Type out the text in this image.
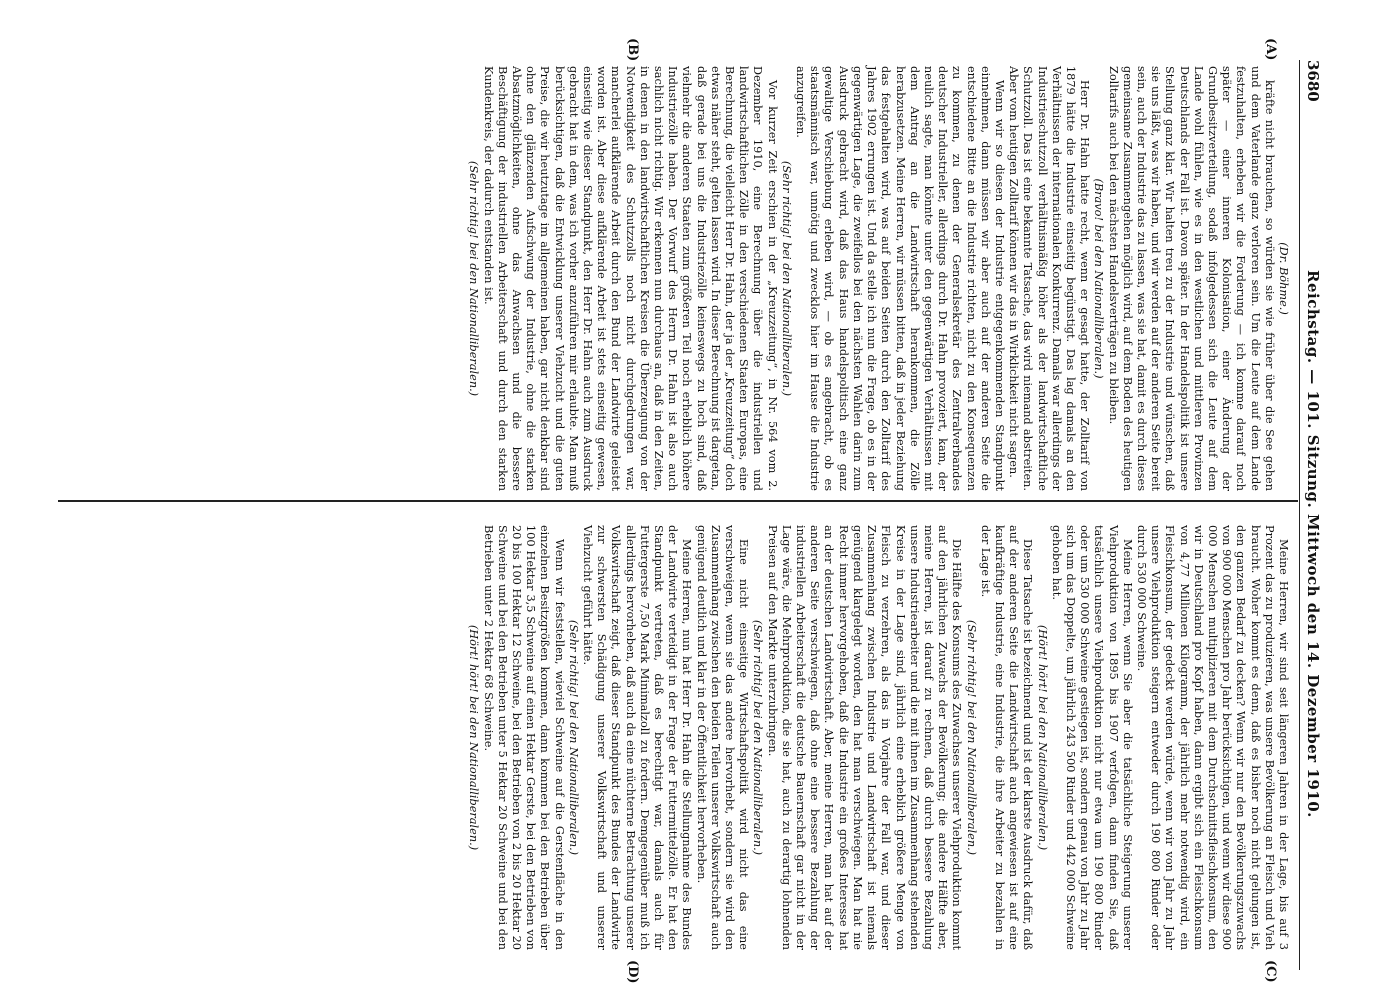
3680
Reichstag. — 101. Sitzung. Mittwoch den 14. Dezember 1910.
(A)
(B)
(C)
(D)

(Dr. Böhme.)

kräfte nicht brauchen, so würden sie wie früher über die See gehen und dem Vaterlande ganz verloren sein. Um die Leute auf dem Lande festzuhalten, erheben wir die Forderung — ich komme darauf noch später — einer inneren Kolonisation, einer Änderung der Grundbesitzverteilung, sodaß infolgedessen sich die Leute auf dem Lande wohl fühlen, wie es in den westlichen und mittleren Provinzen Deutschlands der Fall ist. Davon später. In der Handelspolitik ist unsere Stellung ganz klar. Wir halten treu zu der Industrie und wünschen, daß sie uns läßt, was wir haben, und wir werden auf der anderen Seite bereit sein, auch der Industrie das zu lassen, was sie hat, damit es durch dieses gemeinsame Zusammengehen möglich wird, auf dem Boden des heutigen Zolltarifs auch bei den nächsten Handelsverträgen zu bleiben.

(Bravo! bei den Nationalliberalen.)

Herr Dr. Hahn hatte recht, wenn er gesagt hatte, der Zolltarif von 1879 hätte die Industrie einseitig begünstigt. Das lag damals an den Verhältnissen der internationalen Konkurrenz. Damals war allerdings der Industrieschutzzoll verhältnismäßig höher als der landwirtschaftliche Schutzzoll. Das ist eine bekannte Tatsache, das wird niemand abstreiten. Aber vom heutigen Zolltarif können wir das in Wirklichkeit nicht sagen.

Wenn wir so diesen der Industrie entgegenkommenden Standpunkt einnehmen, dann müssen wir aber auch auf der anderen Seite die entschiedene Bitte an die Industrie richten, nicht zu den Konsequenzen zu kommen, zu denen der Generalsekretär des Zentralverbandes deutscher Industrieller, allerdings durch Dr. Hahn provoziert, kam, der neulich sagte, man könnte unter den gegenwärtigen Verhältnissen mit dem Antrag an die Landwirtschaft herankommen, die Zölle herabzusetzen. Meine Herren, wir müssen bitten, daß in jeder Beziehung das festgehalten wird, was auf beiden Seiten durch den Zolltarif des Jahres 1902 errungen ist. Und da stelle ich nun die Frage, ob es in der gegenwärtigen Lage, die zweifellos bei den nächsten Wahlen darin zum Ausdruck gebracht wird, daß das Haus handelspolitisch eine ganz gewaltige Verschiebung erleben wird, — ob es angebracht, ob es staatsmännisch war, unnötig und zwecklos hier im Hause die Industrie anzugreifen.

(Sehr richtig! bei den Nationalliberalen.)

Vor kurzer Zeit erschien in der „Kreuzzeitung“, in Nr. 564 vom 2. Dezember 1910, eine Berechnung über die industriellen und landwirtschaftlichen Zölle in den verschiedenen Staaten Europas, eine Berechnung, die vielleicht Herr Dr. Hahn, der ja der „Kreuzzeitung“ doch etwas näher steht, gelten lassen wird. In dieser Berechnung ist dargetan, daß gerade bei uns die Industriezölle keineswegs zu hoch sind, daß vielmehr die anderen Staaten zum größeren Teil noch erheblich höhere Industriezölle haben. Der Vorwurf des Herrn Dr. Hahn ist also auch sachlich nicht richtig. Wir erkennen nun durchaus an, daß in den Zeiten, in denen in den landwirtschaftlichen Kreisen die Überzeugung von der Notwendigkeit des Schutzzolls noch nicht durchgedrungen war, mancherlei aufklärende Arbeit durch den Bund der Landwirte geleistet worden ist. Aber diese aufklärende Arbeit ist stets einseitig gewesen, einseitig wie dieser Standpunkt, den Herr Dr. Hahn auch zum Ausdruck gebracht hat in dem, was ich vorher anzuführen mir erlaubte. Man muß berücksichtigen, daß die Entwicklung unserer Viehzucht und die guten Preise, die wir heutzutage im allgemeinen haben, gar nicht denkbar sind ohne den glänzenden Aufschwung der Industrie, ohne die starken Absatzmöglichkeiten, ohne das Anwachsen und die bessere Beschäftigung der industriellen Arbeiterschaft und durch den starken Kundenkreis, der dadurch entstanden ist.

(Sehr richtig! bei den Nationalliberalen.)

Meine Herren, wir sind seit längeren Jahren in der Lage, bis auf 3 Prozent das zu produzieren, was unsere Bevölkerung an Fleisch und Vieh braucht. Woher kommt es denn, daß es bisher noch nicht gelungen ist, den ganzen Bedarf zu decken? Wenn wir nur den Bevölkerungszuwachs von 900 000 Menschen pro Jahr berücksichtigen, und wenn wir diese 900 000 Menschen multiplizieren mit dem Durchschnittsfleischkonsum, den wir in Deutschland pro Kopf haben, dann ergibt sich ein Fleischkonsum von 4,77 Millionen Kilogramm, der jährlich mehr notwendig wird, ein Fleischkonsum, der gedeckt werden würde, wenn wir von Jahr zu Jahr unsere Viehproduktion steigern entweder durch 190 800 Rinder oder durch 530 000 Schweine.

Meine Herren, wenn Sie aber die tatsächliche Steigerung unserer Viehproduktion von 1895 bis 1907 verfolgen, dann finden Sie, daß tatsächlich unsere Viehproduktion nicht nur etwa um 190 800 Rinder oder um 530 000 Schweine gestiegen ist, sondern genau von Jahr zu Jahr sich um das Doppelte, um jährlich 243 500 Rinder und 442 000 Schweine gehoben hat.

(Hört! hört! bei den Nationalliberalen.)

Diese Tatsache ist bezeichnend und ist der klarste Ausdruck dafür, daß auf der anderen Seite die Landwirtschaft auch angewiesen ist auf eine kaufkräftige Industrie, eine Industrie, die ihre Arbeiter zu bezahlen in der Lage ist.

(Sehr richtig! bei den Nationalliberalen.)

Die Hälfte des Konsums des Zuwachses unserer Viehproduktion kommt auf den jährlichen Zuwachs der Bevölkerung; die andere Hälfte aber, meine Herren, ist darauf zu rechnen, daß durch bessere Bezahlung unsere Industriearbeiter und die mit ihnen im Zusammenhang stehenden Kreise in der Lage sind, jährlich eine erheblich größere Menge von Fleisch zu verzehren, als das in Vorjahre der Fall war, und dieser Zusammenhang zwischen Industrie und Landwirtschaft ist niemals genügend klargelegt worden, den hat man verschwiegen. Man hat nie Recht immer hervorgehoben, daß die Industrie ein großes Interesse hat an der deutschen Landwirtschaft. Aber, meine Herren, man hat auf der anderen Seite verschwiegen, daß ohne eine bessere Bezahlung der industriellen Arbeiterschaft die deutsche Bauernschaft gar nicht in der Lage wäre, die Mehrproduktion, die sie hat, auch zu derartig lohnenden Preisen auf den Markte unterzubringen.

(Sehr richtig! bei den Nationalliberalen.)

Eine nicht einseitige Wirtschaftspolitik wird nicht das eine verschweigen, wenn sie das andere hervorhebt, sondern sie wird den Zusammenhang zwischen den beiden Teilen unserer Volkswirtschaft auch genügend deutlich und klar in der Öffentlichkeit hervorheben.

Meine Herren, nun hat Herr Dr. Hahn die Stellungnahme des Bundes der Landwirte verteidigt in der Frage der Futtermittelzölle. Er hat den Standpunkt vertreten, daß es berechtigt war, damals auch für Futtergerste 7,50 Mark Minimalzoll zu fordern. Demgegenüber muß ich allerdings hervorheben, daß auch da eine nüchterne Betrachtung unserer Volkswirtschaft zeigt, daß dieser Standpunkt des Bundes der Landwirte zur schwersten Schädigung unserer Volkswirtschaft und unserer Viehzucht geführt hätte.

(Sehr richtig! bei den Nationalliberalen.)

Wenn wir feststellen, wieviel Schweine auf die Gerstenfläche in den einzelnen Besitzgrößen kommen, dann kommen bei den Betrieben über 100 Hektar 3,5 Schweine auf einen Hektar Gerste, bei den Betrieben von 20 bis 100 Hektar 12 Schweine, bei den Betrieben von 2 bis 20 Hektar 20 Schweine und bei den Betrieben unter 5 Hektar 20 Schweine und bei den Betrieben unter 2 Hektar 68 Schweine.

(Hört! hört! bei den Nationalliberalen.)
